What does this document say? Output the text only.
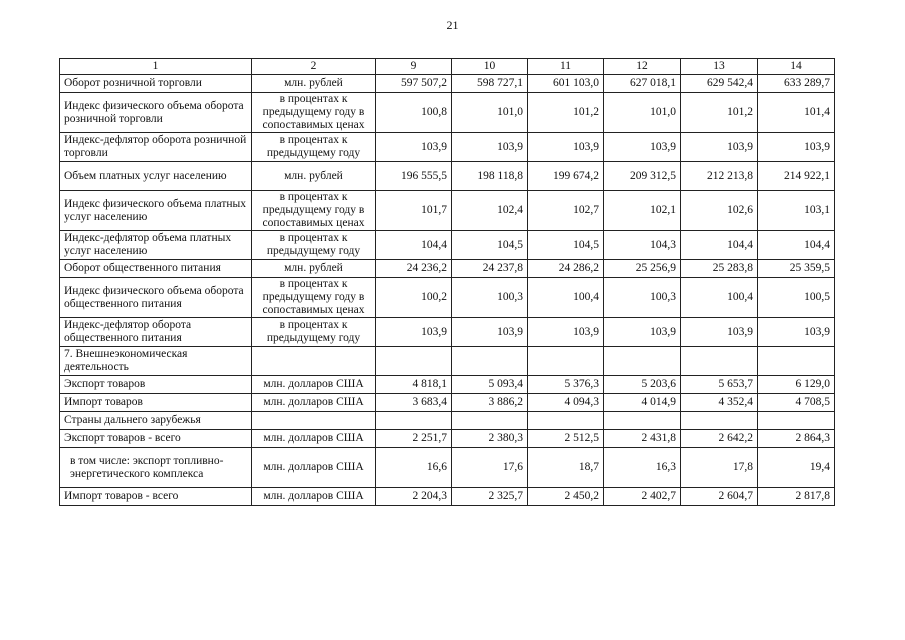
21
1	2	9	10	11	12	13	14
Оборот розничной торговли	млн. рублей	597 507,2	598 727,1	601 103,0	627 018,1	629 542,4	633 289,7
Индекс физического объема оборота розничной торговли	в процентах к предыдущему году в сопоставимых ценах	100,8	101,0	101,2	101,0	101,2	101,4
Индекс-дефлятор оборота розничной торговли	в процентах к предыдущему году	103,9	103,9	103,9	103,9	103,9	103,9
Объем платных услуг населению	млн. рублей	196 555,5	198 118,8	199 674,2	209 312,5	212 213,8	214 922,1
Индекс физического объема платных услуг населению	в процентах к предыдущему году в сопоставимых ценах	101,7	102,4	102,7	102,1	102,6	103,1
Индекс-дефлятор объема платных услуг населению	в процентах к предыдущему году	104,4	104,5	104,5	104,3	104,4	104,4
Оборот общественного питания	млн. рублей	24 236,2	24 237,8	24 286,2	25 256,9	25 283,8	25 359,5
Индекс физического объема оборота общественного питания	в процентах к предыдущему году в сопоставимых ценах	100,2	100,3	100,4	100,3	100,4	100,5
Индекс-дефлятор оборота общественного питания	в процентах к предыдущему году	103,9	103,9	103,9	103,9	103,9	103,9
7. Внешнеэкономическая деятельность							
Экспорт товаров	млн. долларов США	4 818,1	5 093,4	5 376,3	5 203,6	5 653,7	6 129,0
Импорт товаров	млн. долларов США	3 683,4	3 886,2	4 094,3	4 014,9	4 352,4	4 708,5
Страны дальнего зарубежья							
Экспорт товаров - всего	млн. долларов США	2 251,7	2 380,3	2 512,5	2 431,8	2 642,2	2 864,3
в том числе: экспорт топливно-энергетического комплекса	млн. долларов США	16,6	17,6	18,7	16,3	17,8	19,4
Импорт товаров - всего	млн. долларов США	2 204,3	2 325,7	2 450,2	2 402,7	2 604,7	2 817,8
